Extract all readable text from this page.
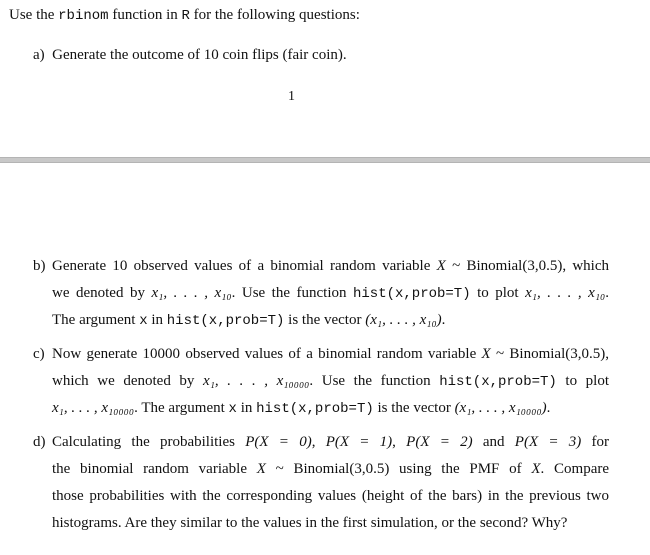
Use the rbinom function in R for the following questions:
a) Generate the outcome of 10 coin flips (fair coin).
1
b) Generate 10 observed values of a binomial random variable X ~ Binomial(3,0.5), which
we denoted by x₁, . . . , x₁₀. Use the function hist(x,prob=T) to plot x₁, . . . , x₁₀.
The argument x in hist(x,prob=T) is the vector (x₁, . . . , x₁₀).
c) Now generate 10000 observed values of a binomial random variable X ~ Binomial(3,0.5),
which we denoted by x₁, . . . , x₁₀₀₀₀. Use the function hist(x,prob=T) to plot
x₁, . . . , x₁₀₀₀₀. The argument x in hist(x,prob=T) is the vector (x₁, . . . , x₁₀₀₀₀).
d) Calculating the probabilities P(X = 0), P(X = 1), P(X = 2) and P(X = 3) for
the binomial random variable X ~ Binomial(3,0.5) using the PMF of X. Compare
those probabilities with the corresponding values (height of the bars) in the previous two
histograms. Are they similar to the values in the first simulation, or the second? Why?
